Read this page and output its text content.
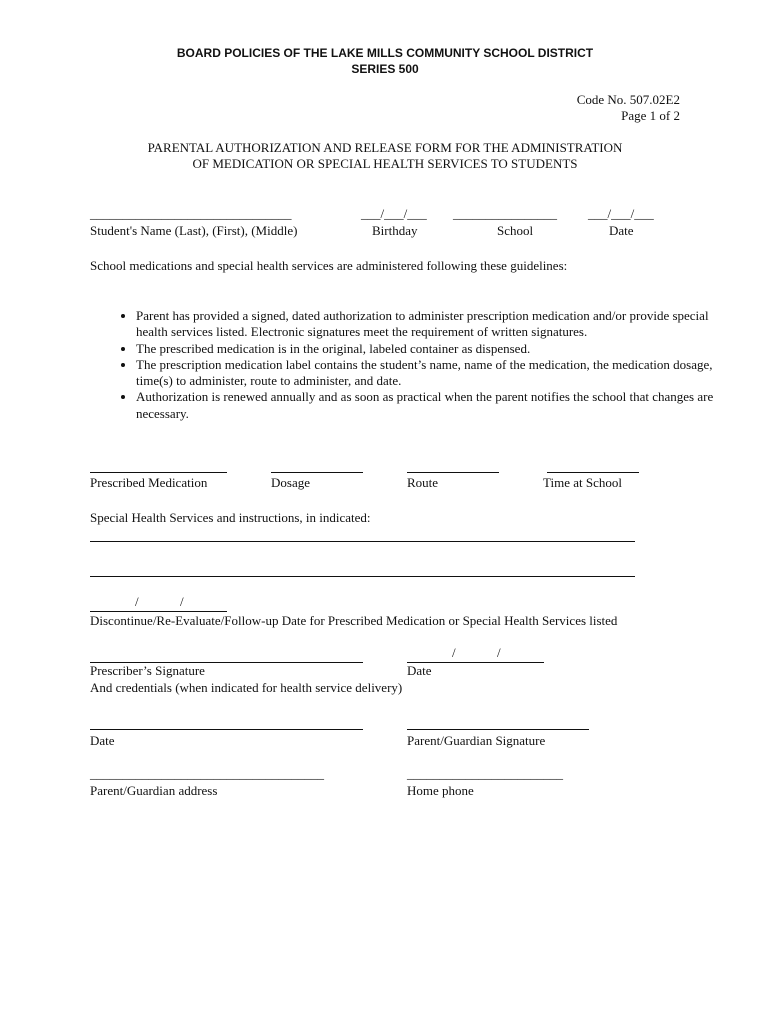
BOARD POLICIES OF THE LAKE MILLS COMMUNITY SCHOOL DISTRICT
SERIES 500
Code No. 507.02E2
Page 1 of 2
PARENTAL AUTHORIZATION AND RELEASE FORM FOR THE ADMINISTRATION
OF MEDICATION OR SPECIAL HEALTH SERVICES TO STUDENTS
_______________________________
Student's Name (Last), (First), (Middle)
___/___/___
Birthday
________________
School
___/___/___
Date
School medications and special health services are administered following these guidelines:
• Parent has provided a signed, dated authorization to administer prescription medication and/or provide special health services listed. Electronic signatures meet the requirement of written signatures.
• The prescribed medication is in the original, labeled container as dispensed.
• The prescription medication label contains the student’s name, name of the medication, the medication dosage, time(s) to administer, route to administer, and date.
• Authorization is renewed annually and as soon as practical when the parent notifies the school that changes are necessary.
Prescribed Medication	Dosage	Route	Time at School
Special Health Services and instructions, in indicated:
/	/
Discontinue/Re-Evaluate/Follow-up Date for Prescribed Medication or Special Health Services listed
/	/
Prescriber’s Signature	Date
And credentials (when indicated for health service delivery)
Date	Parent/Guardian Signature
____________________________________	________________________
Parent/Guardian address	Home phone
